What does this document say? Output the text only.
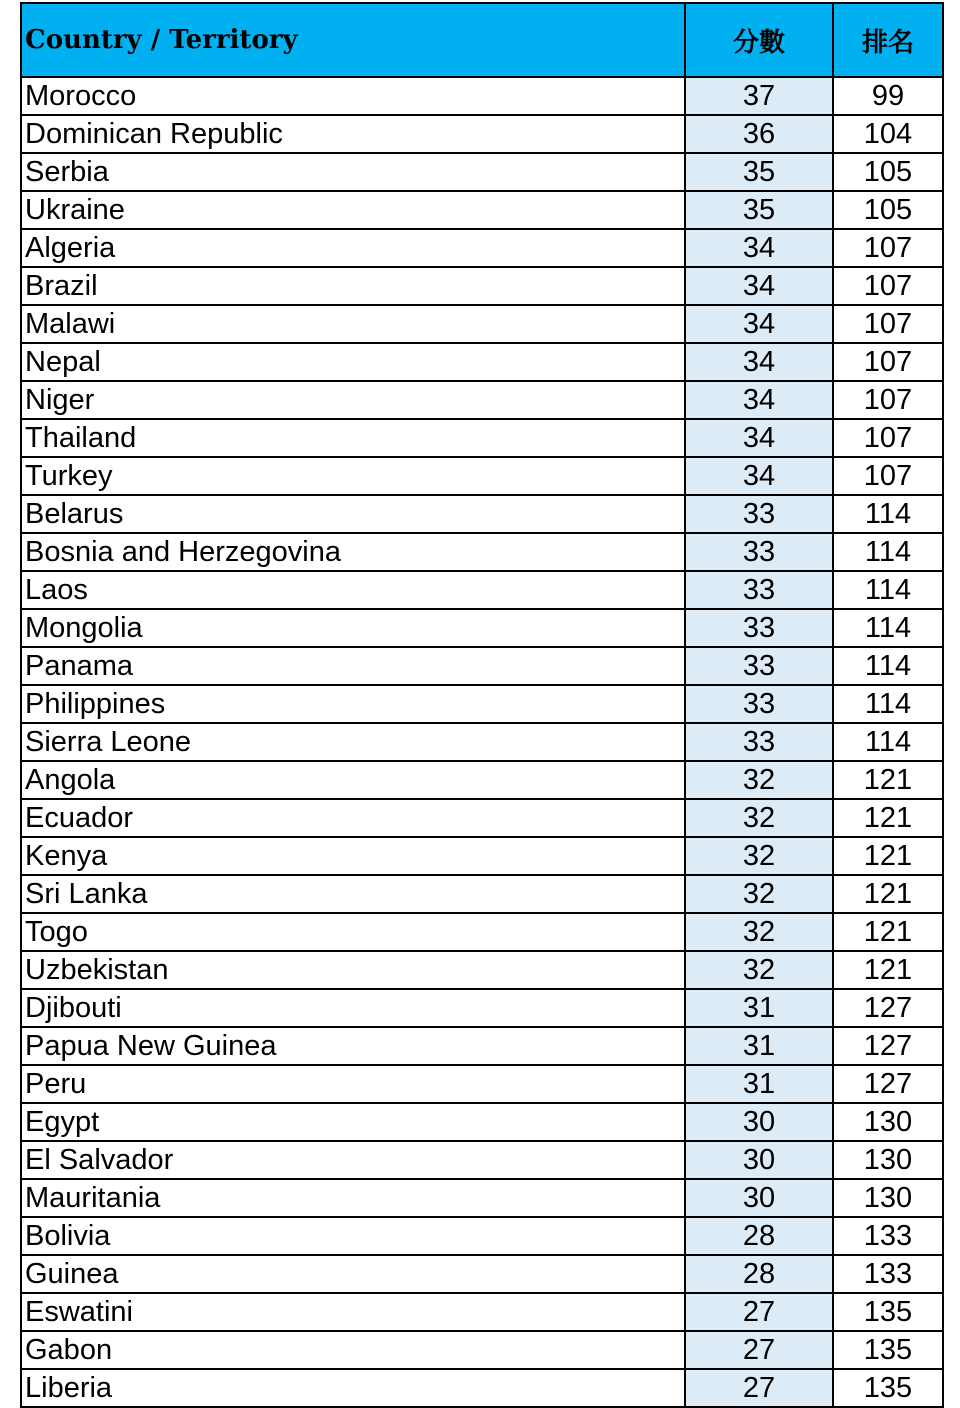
Country / Territory	分數	排名
Morocco	37	99
Dominican Republic	36	104
Serbia	35	105
Ukraine	35	105
Algeria	34	107
Brazil	34	107
Malawi	34	107
Nepal	34	107
Niger	34	107
Thailand	34	107
Turkey	34	107
Belarus	33	114
Bosnia and Herzegovina	33	114
Laos	33	114
Mongolia	33	114
Panama	33	114
Philippines	33	114
Sierra Leone	33	114
Angola	32	121
Ecuador	32	121
Kenya	32	121
Sri Lanka	32	121
Togo	32	121
Uzbekistan	32	121
Djibouti	31	127
Papua New Guinea	31	127
Peru	31	127
Egypt	30	130
El Salvador	30	130
Mauritania	30	130
Bolivia	28	133
Guinea	28	133
Eswatini	27	135
Gabon	27	135
Liberia	27	135
